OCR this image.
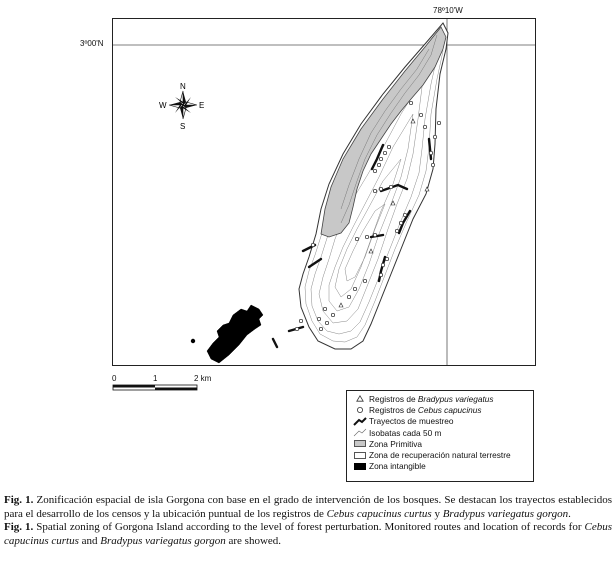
78º10'W
3º00'N
N
S
E
W
0	1	2 km
Registros de Bradypus variegatus
Registros de Cebus capucinus
Trayectos de muestreo
Isobatas cada 50 m
Zona Primitiva
Zona de recuperación natural terrestre
Zona intangible

Fig. 1. Zonificación espacial de isla Gorgona con base en el grado de intervención de los bosques. Se destacan los trayectos establecidos para el desarrollo de los censos y la ubicación puntual de los registros de Cebus capucinus curtus y Bradypus variegatus gorgon.

Fig. 1. Spatial zoning of Gorgona Island according to the level of forest perturbation. Monitored routes and location of records for Cebus capucinus curtus and Bradypus variegatus gorgon are showed.
